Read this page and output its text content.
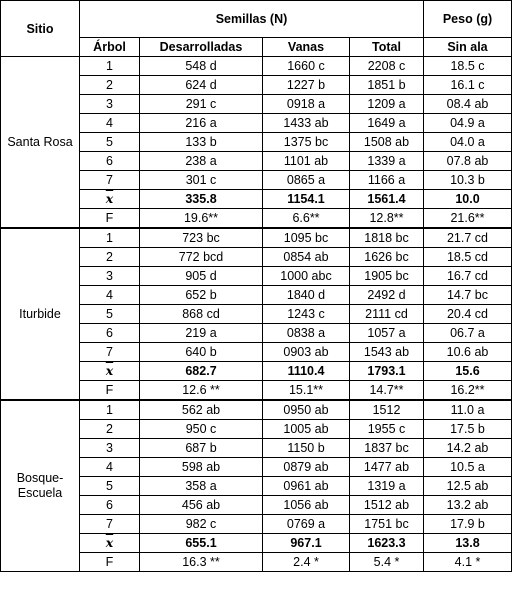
Sitio	Semillas (N)				Peso (g)
	Árbol	Desarrolladas	Vanas	Total	Sin ala
Santa Rosa	1	548 d	1660 c	2208 c	18.5 c
	2	624 d	1227 b	1851 b	16.1 c
	3	291 c	0918 a	1209 a	08.4 ab
	4	216 a	1433 ab	1649 a	04.9 a
	5	133 b	1375 bc	1508 ab	04.0 a
	6	238 a	1101 ab	1339 a	07.8 ab
	7	301 c	0865 a	1166 a	10.3 b
	$\overline{x}$	335.8	1154.1	1561.4	10.0
	F	19.6**	6.6**	12.8**	21.6**
Iturbide	1	723 bc	1095 bc	1818 bc	21.7 cd
	2	772 bcd	0854 ab	1626 bc	18.5 cd
	3	905 d	1000 abc	1905 bc	16.7 cd
	4	652 b	1840 d	2492 d	14.7 bc
	5	868 cd	1243 c	2111 cd	20.4 cd
	6	219 a	0838 a	1057 a	06.7 a
	7	640 b	0903 ab	1543 ab	10.6 ab
	$\overline{x}$	682.7	1110.4	1793.1	15.6
	F	12.6 **	15.1**	14.7**	16.2**
Bosque-Escuela	1	562 ab	0950 ab	1512	11.0 a
	2	950 c	1005 ab	1955 c	17.5 b
	3	687 b	1150 b	1837 bc	14.2 ab
	4	598 ab	0879 ab	1477 ab	10.5 a
	5	358 a	0961 ab	1319 a	12.5 ab
	6	456 ab	1056 ab	1512 ab	13.2 ab
	7	982 c	0769 a	1751 bc	17.9 b
	$\overline{x}$	655.1	967.1	1623.3	13.8
	F	16.3 **	2.4 *	5.4 *	4.1 *
